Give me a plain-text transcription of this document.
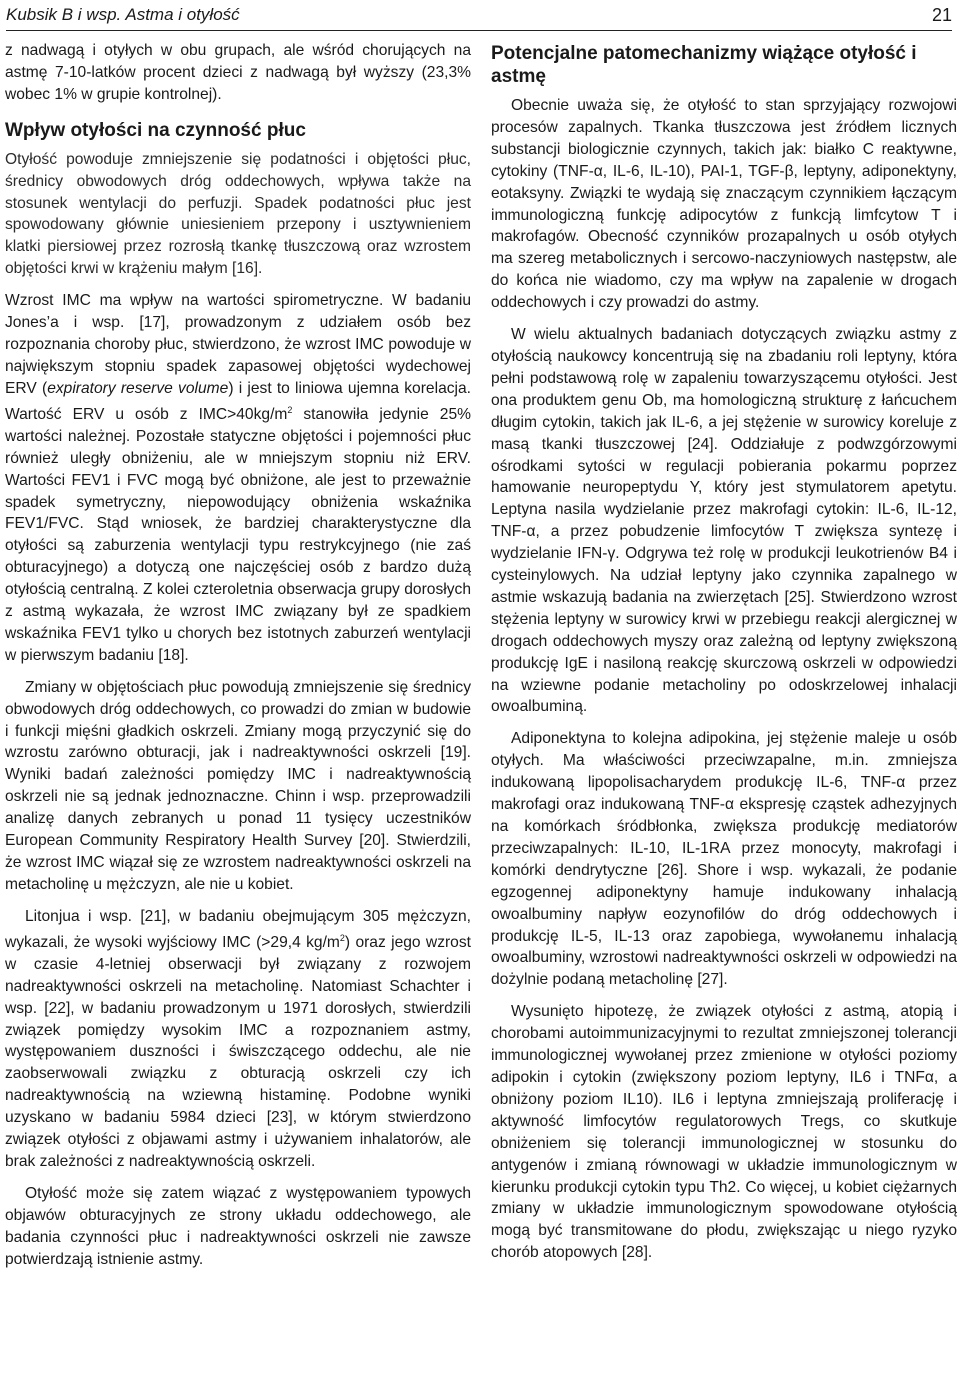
Kubsik B i wsp. Astma i otyłość	21

z nadwagą i otyłych w obu grupach, ale wśród chorujących na astmę 7-10-latków procent dzieci z nadwagą był wyższy (23,3% wobec 1% w grupie kontrolnej).

Wpływ otyłości na czynność płuc

Otyłość powoduje zmniejszenie się podatności i objętości płuc, średnicy obwodowych dróg oddechowych, wpływa także na stosunek wentylacji do perfuzji. Spadek podatności płuc jest spowodowany głównie uniesieniem przepony i usztywnieniem klatki piersiowej przez rozrosłą tkankę tłuszczową oraz wzrostem objętości krwi w krążeniu małym [16].

Wzrost IMC ma wpływ na wartości spirometryczne. W badaniu Jones’a i wsp. [17], prowadzonym z udziałem osób bez rozpoznania choroby płuc, stwierdzono, że wzrost IMC powoduje w największym stopniu spadek zapasowej objętości wydechowej ERV (expiratory reserve volume) i jest to liniowa ujemna korelacja. Wartość ERV u osób z $IMC>40kg/m^2$ stanowiła jedynie 25% wartości należnej. Pozostałe statyczne objętości i pojemności płuc również uległy obniżeniu, ale w mniejszym stopniu niż ERV. Wartości FEV1 i FVC mogą być obniżone, ale jest to przeważnie spadek symetryczny, niepowodujący obniżenia wskaźnika FEV1/FVC. Stąd wniosek, że bardziej charakterystyczne dla otyłości są zaburzenia wentylacji typu restrykcyjnego (nie zaś obturacyjnego) a dotyczą one najczęściej osób z bardzo dużą otyłością centralną. Z kolei czteroletnia obserwacja grupy dorosłych z astmą wykazała, że wzrost IMC związany był ze spadkiem wskaźnika FEV1 tylko u chorych bez istotnych zaburzeń wentylacji w pierwszym badaniu [18].

Zmiany w objętościach płuc powodują zmniejszenie się średnicy obwodowych dróg oddechowych, co prowadzi do zmian w budowie i funkcji mięśni gładkich oskrzeli. Zmiany mogą przyczynić się do wzrostu zarówno obturacji, jak i nadreaktywności oskrzeli [19]. Wyniki badań zależności pomiędzy IMC i nadreaktywnością oskrzeli nie są jednak jednoznaczne. Chinn i wsp. przeprowadzili analizę danych zebranych u ponad 11 tysięcy uczestników European Community Respiratory Health Survey [20]. Stwierdzili, że wzrost IMC wiązał się ze wzrostem nadreaktywności oskrzeli na metacholinę u mężczyzn, ale nie u kobiet.

Litonjua i wsp. [21], w badaniu obejmującym 305 mężczyzn, wykazali, że wysoki wyjściowy IMC (>29,4 $kg/m^2$) oraz jego wzrost w czasie 4-letniej obserwacji był związany z rozwojem nadreaktywności oskrzeli na metacholinę. Natomiast Schachter i wsp. [22], w badaniu prowadzonym u 1971 dorosłych, stwierdzili związek pomiędzy wysokim IMC a rozpoznaniem astmy, występowaniem duszności i świszczącego oddechu, ale nie zaobserwowali związku z obturacją oskrzeli czy ich nadreaktywnością na wziewną histaminę. Podobne wyniki uzyskano w badaniu 5984 dzieci [23], w którym stwierdzono związek otyłości z objawami astmy i używaniem inhalatorów, ale brak zależności z nadreaktywnością oskrzeli.

Otyłość może się zatem wiązać z występowaniem typowych objawów obturacyjnych ze strony układu oddechowego, ale badania czynności płuc i nadreaktywności oskrzeli nie zawsze potwierdzają istnienie astmy.

Potencjalne patomechanizmy wiążące otyłość i astmę

Obecnie uważa się, że otyłość to stan sprzyjający rozwojowi procesów zapalnych. Tkanka tłuszczowa jest źródłem licznych substancji biologicznie czynnych, takich jak: białko C reaktywne, cytokiny (TNF-α, IL-6, IL-10), PAI-1, TGF-β, leptyny, adiponektyny, eotaksyny. Związki te wydają się znaczącym czynnikiem łączącym immunologiczną funkcję adipocytów z funkcją limfcytow T i makrofagów. Obecność czynników prozapalnych u osób otyłych ma szereg metabolicznych i sercowo-naczyniowych następstw, ale do końca nie wiadomo, czy ma wpływ na zapalenie w drogach oddechowych i czy prowadzi do astmy.

W wielu aktualnych badaniach dotyczących związku astmy z otyłością naukowcy koncentrują się na zbadaniu roli leptyny, która pełni podstawową rolę w zapaleniu towarzyszącemu otyłości. Jest ona produktem genu Ob, ma homologiczną strukturę z łańcuchem długim cytokin, takich jak IL-6, a jej stężenie w surowicy koreluje z masą tkanki tłuszczowej [24]. Oddziałuje z podwzgórzowymi ośrodkami sytości w regulacji pobierania pokarmu poprzez hamowanie neuropeptydu Y, który jest stymulatorem apetytu. Leptyna nasila wydzielanie przez makrofagi cytokin: IL-6, IL-12, TNF-α, a przez pobudzenie limfocytów T zwiększa syntezę i wydzielanie IFN-γ. Odgrywa też rolę w produkcji leukotrienów B4 i cysteinylowych. Na udział leptyny jako czynnika zapalnego w astmie wskazują badania na zwierzętach [25]. Stwierdzono wzrost stężenia leptyny w surowicy krwi w przebiegu reakcji alergicznej w drogach oddechowych myszy oraz zależną od leptyny zwiększoną produkcję IgE i nasiloną reakcję skurczową oskrzeli w odpowiedzi na wziewne podanie metacholiny po odoskrzelowej inhalacji owoalbuminą.

Adiponektyna to kolejna adipokina, jej stężenie maleje u osób otyłych. Ma właściwości przeciwzapalne, m.in. zmniejsza indukowaną lipopolisacharydem produkcję IL-6, TNF-α przez makrofagi oraz indukowaną TNF-α ekspresję cząstek adhezyjnych na komórkach śródbłonka, zwiększa produkcję mediatorów przeciwzapalnych: IL-10, IL-1RA przez monocyty, makrofagi i komórki dendrytyczne [26]. Shore i wsp. wykazali, że podanie egzogennej adiponektyny hamuje indukowany inhalacją owoalbuminy napływ eozynofilów do dróg oddechowych i produkcję IL-5, IL-13 oraz zapobiega, wywołanemu inhalacją owoalbuminy, wzrostowi nadreaktywności oskrzeli w odpowiedzi na dożylnie podaną metacholinę [27].

Wysunięto hipotezę, że związek otyłości z astmą, atopią i chorobami autoimmunizacyjnymi to rezultat zmniejszonej tolerancji immunologicznej wywołanej przez zmienione w otyłości poziomy adipokin i cytokin (zwiększony poziom leptyny, IL6 i TNFα, a obniżony poziom IL10). IL6 i leptyna zmniejszają proliferację i aktywność limfocytów regulatorowych Tregs, co skutkuje obniżeniem się tolerancji immunologicznej w stosunku do antygenów i zmianą równowagi w układzie immunologicznym w kierunku produkcji cytokin typu Th2. Co więcej, u kobiet ciężarnych zmiany w układzie immunologicznym spowodowane otyłością mogą być transmitowane do płodu, zwiększając u niego ryzyko chorób atopowych [28].
